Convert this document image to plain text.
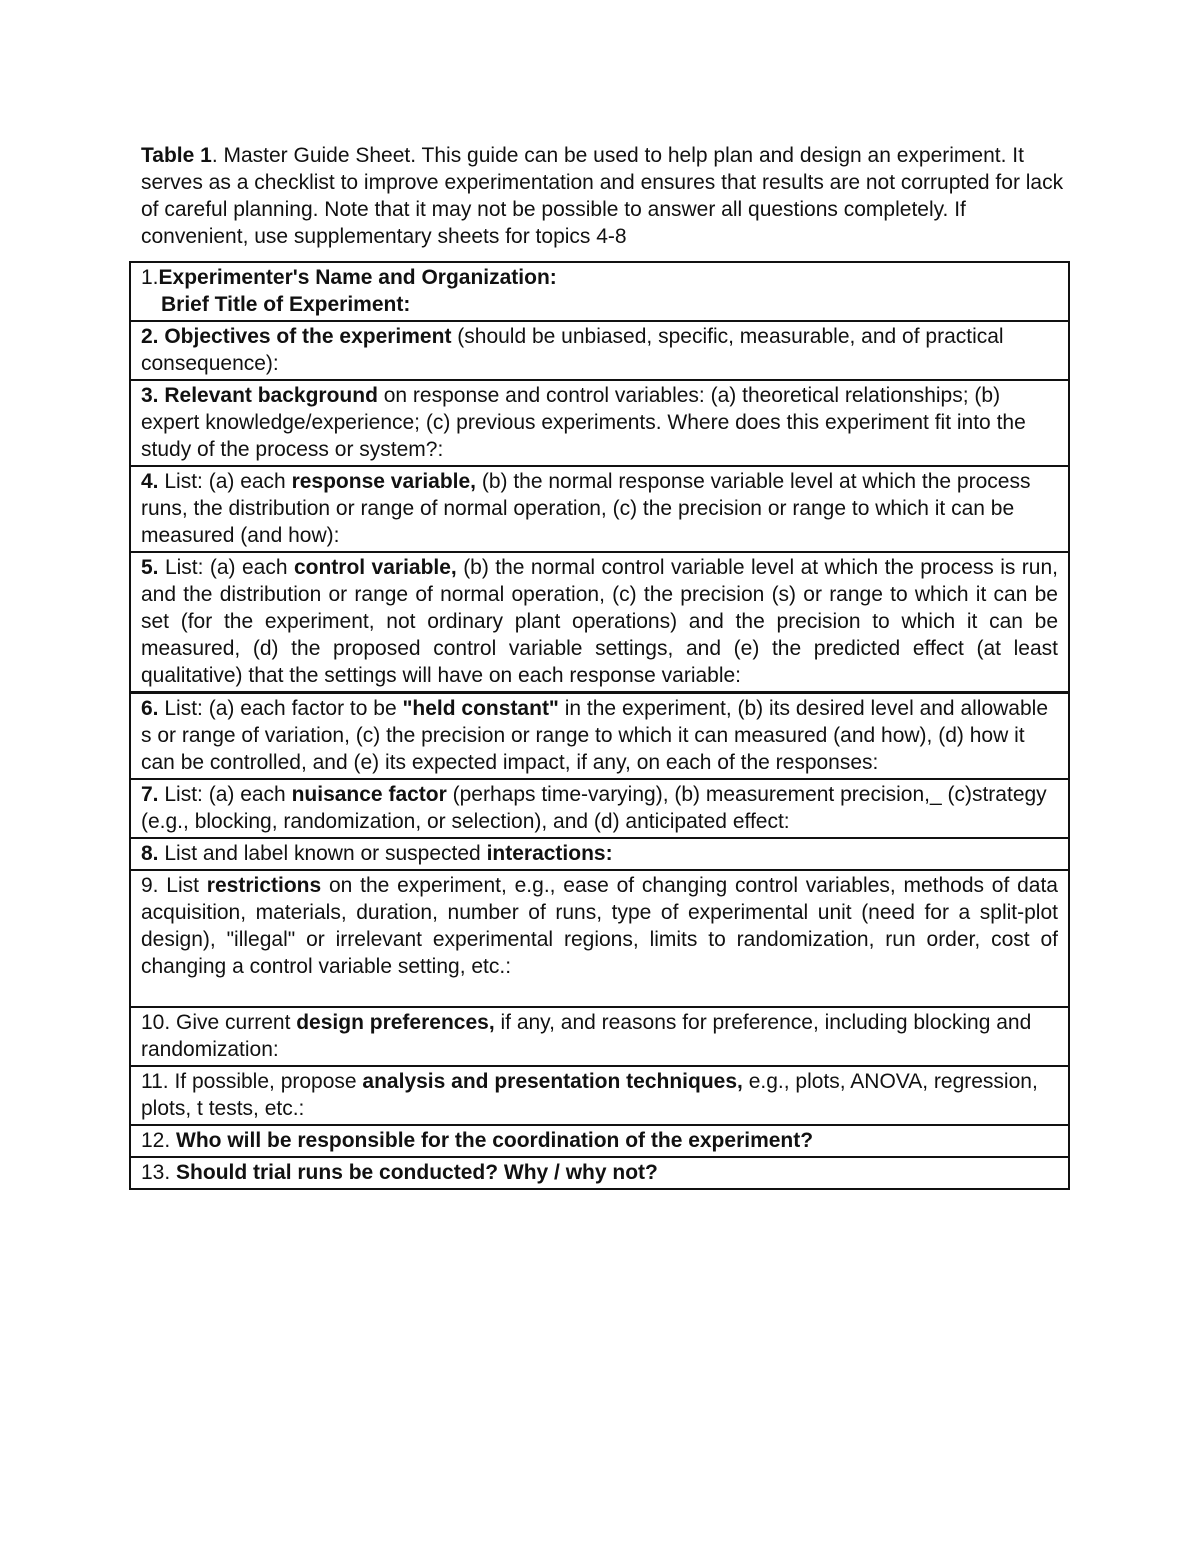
Table 1. Master Guide Sheet. This guide can be used to help plan and design an experiment. It serves as a checklist to improve experimentation and ensures that results are not corrupted for lack of careful planning. Note that it may not be possible to answer all questions completely. If convenient, use supplementary sheets for topics 4-8
1.Experimenter's Name and Organization:
Brief Title of Experiment:

2. Objectives of the experiment (should be unbiased, specific, measurable, and of practical consequence):
3. Relevant background on response and control variables: (a) theoretical relationships; (b) expert knowledge/experience; (c) previous experiments. Where does this experiment fit into the study of the process or system?:
4. List: (a) each response variable, (b) the normal response variable level at which the process runs, the distribution or range of normal operation, (c) the precision or range to which it can be measured (and how):
5. List: (a) each control variable, (b) the normal control variable level at which the process is run, and the distribution or range of normal operation, (c) the precision (s) or range to which it can be set (for the experiment, not ordinary plant operations) and the precision to which it can be measured, (d) the proposed control variable settings, and (e) the predicted effect (at least qualitative) that the settings will have on each response variable:
6. List: (a) each factor to be "held constant" in the experiment, (b) its desired level and allowable s or range of variation, (c) the precision or range to which it can measured (and how), (d) how it can be controlled, and (e) its expected impact, if any, on each of the responses:
7. List: (a) each nuisance factor (perhaps time-varying), (b) measurement precision,_ (c)strategy (e.g., blocking, randomization, or selection), and (d) anticipated effect:
8. List and label known or suspected interactions:
9. List restrictions on the experiment, e.g., ease of changing control variables, methods of data acquisition, materials, duration, number of runs, type of experimental unit (need for a split-plot design), "illegal" or irrelevant experimental regions, limits to randomization, run order, cost of changing a control variable setting, etc.:
10. Give current design preferences, if any, and reasons for preference, including blocking and randomization:
11. If possible, propose analysis and presentation techniques, e.g., plots, ANOVA, regression, plots, t tests, etc.:
12. Who will be responsible for the coordination of the experiment?
13. Should trial runs be conducted? Why / why not?
